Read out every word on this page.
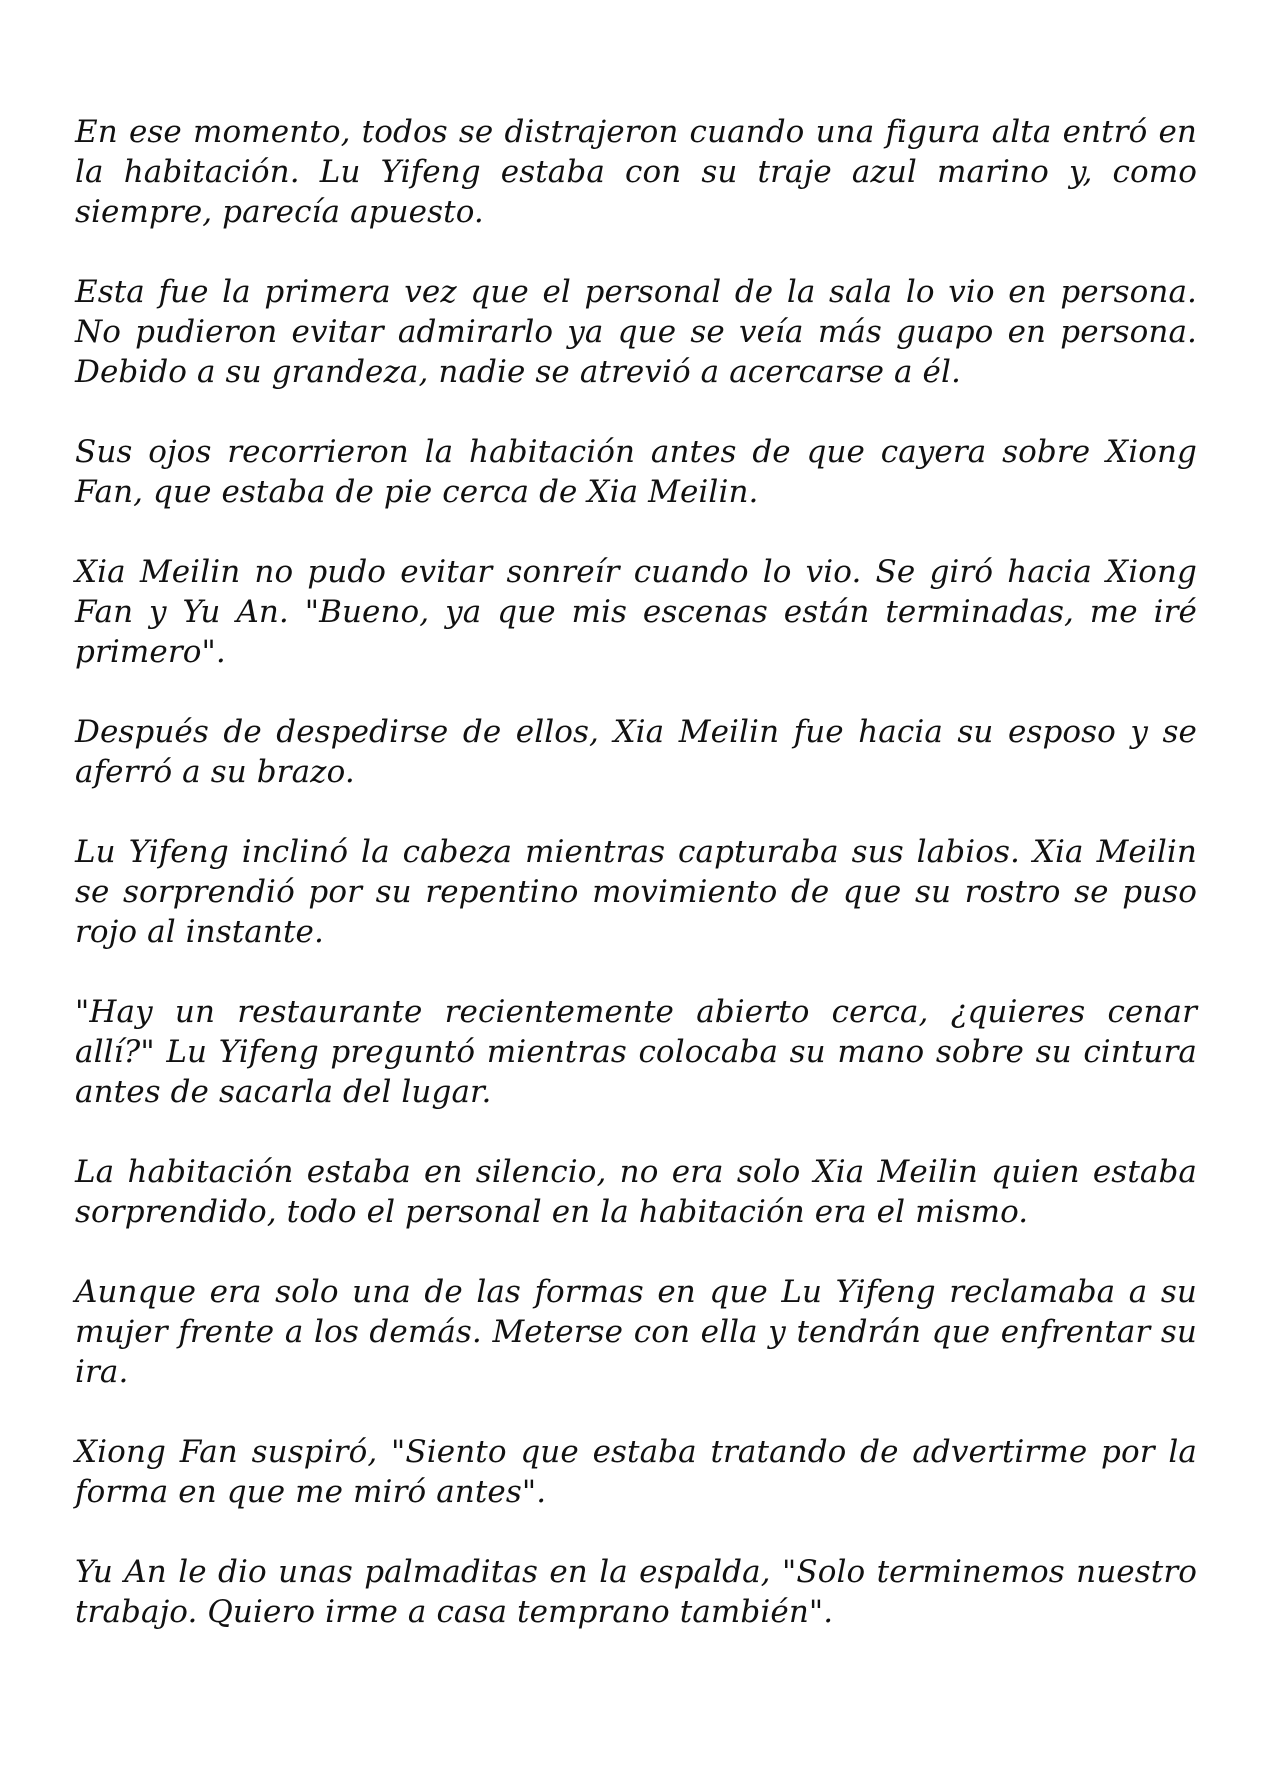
En ese momento, todos se distrajeron cuando una figura alta entró en la habitación. Lu Yifeng estaba con su traje azul marino y, como siempre, parecía apuesto.

Esta fue la primera vez que el personal de la sala lo vio en persona. No pudieron evitar admirarlo ya que se veía más guapo en persona. Debido a su grandeza, nadie se atrevió a acercarse a él.

Sus ojos recorrieron la habitación antes de que cayera sobre Xiong Fan, que estaba de pie cerca de Xia Meilin.

Xia Meilin no pudo evitar sonreír cuando lo vio. Se giró hacia Xiong Fan y Yu An. "Bueno, ya que mis escenas están terminadas, me iré primero".

Después de despedirse de ellos, Xia Meilin fue hacia su esposo y se aferró a su brazo.

Lu Yifeng inclinó la cabeza mientras capturaba sus labios. Xia Meilin se sorprendió por su repentino movimiento de que su rostro se puso rojo al instante.

"Hay un restaurante recientemente abierto cerca, ¿quieres cenar allí?" Lu Yifeng preguntó mientras colocaba su mano sobre su cintura antes de sacarla del lugar.

La habitación estaba en silencio, no era solo Xia Meilin quien estaba sorprendido, todo el personal en la habitación era el mismo.

Aunque era solo una de las formas en que Lu Yifeng reclamaba a su mujer frente a los demás. Meterse con ella y tendrán que enfrentar su ira.

Xiong Fan suspiró, "Siento que estaba tratando de advertirme por la forma en que me miró antes".

Yu An le dio unas palmaditas en la espalda, "Solo terminemos nuestro trabajo. Quiero irme a casa temprano también".
